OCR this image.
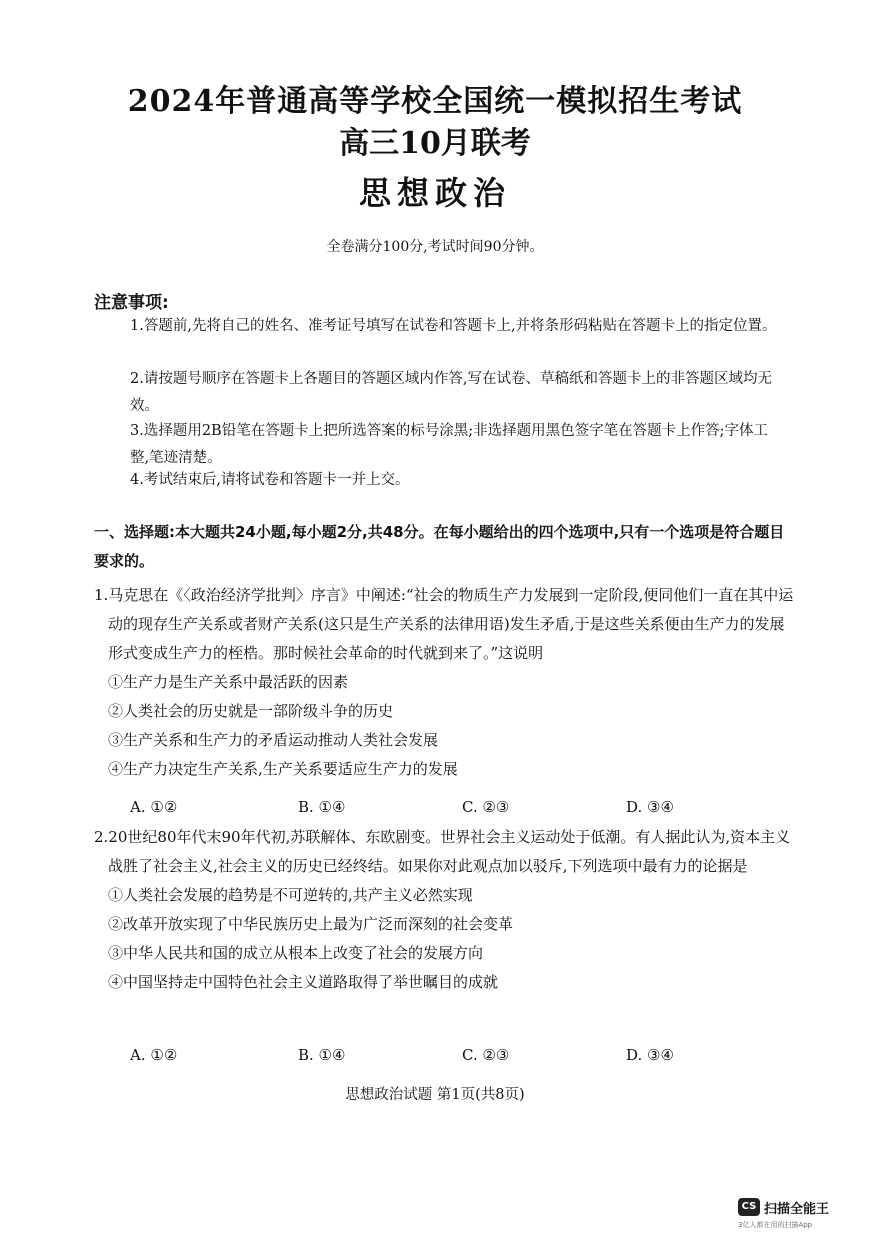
2024年普通高等学校全国统一模拟招生考试
高三10月联考
思想政治
全卷满分100分,考试时间90分钟。
注意事项:
1.答题前,先将自己的姓名、准考证号填写在试卷和答题卡上,并将条形码粘贴在答题卡上的指定位置。
2.请按题号顺序在答题卡上各题目的答题区域内作答,写在试卷、草稿纸和答题卡上的非答题区域均无效。
3.选择题用2B铅笔在答题卡上把所选答案的标号涂黑;非选择题用黑色签字笔在答题卡上作答;字体工整,笔迹清楚。
4.考试结束后,请将试卷和答题卡一并上交。
一、选择题:本大题共24小题,每小题2分,共48分。在每小题给出的四个选项中,只有一个选项是符合题目要求的。
1.马克思在《〈政治经济学批判〉序言》中阐述:“社会的物质生产力发展到一定阶段,便同他们一直在其中运动的现存生产关系或者财产关系(这只是生产关系的法律用语)发生矛盾,于是这些关系便由生产力的发展形式变成生产力的桎梏。那时候社会革命的时代就到来了。”这说明
①生产力是生产关系中最活跃的因素
②人类社会的历史就是一部阶级斗争的历史
③生产关系和生产力的矛盾运动推动人类社会发展
④生产力决定生产关系,生产关系要适应生产力的发展
A. ①②	B. ①④	C. ②③	D. ③④
2.20世纪80年代末90年代初,苏联解体、东欧剧变。世界社会主义运动处于低潮。有人据此认为,资本主义战胜了社会主义,社会主义的历史已经终结。如果你对此观点加以驳斥,下列选项中最有力的论据是
①人类社会发展的趋势是不可逆转的,共产主义必然实现
②改革开放实现了中华民族历史上最为广泛而深刻的社会变革
③中华人民共和国的成立从根本上改变了社会的发展方向
④中国坚持走中国特色社会主义道路取得了举世瞩目的成就
A. ①②	B. ①④	C. ②③	D. ③④
思想政治试题 第1页(共8页)
CS 扫描全能王
3亿人都在用的扫描App
